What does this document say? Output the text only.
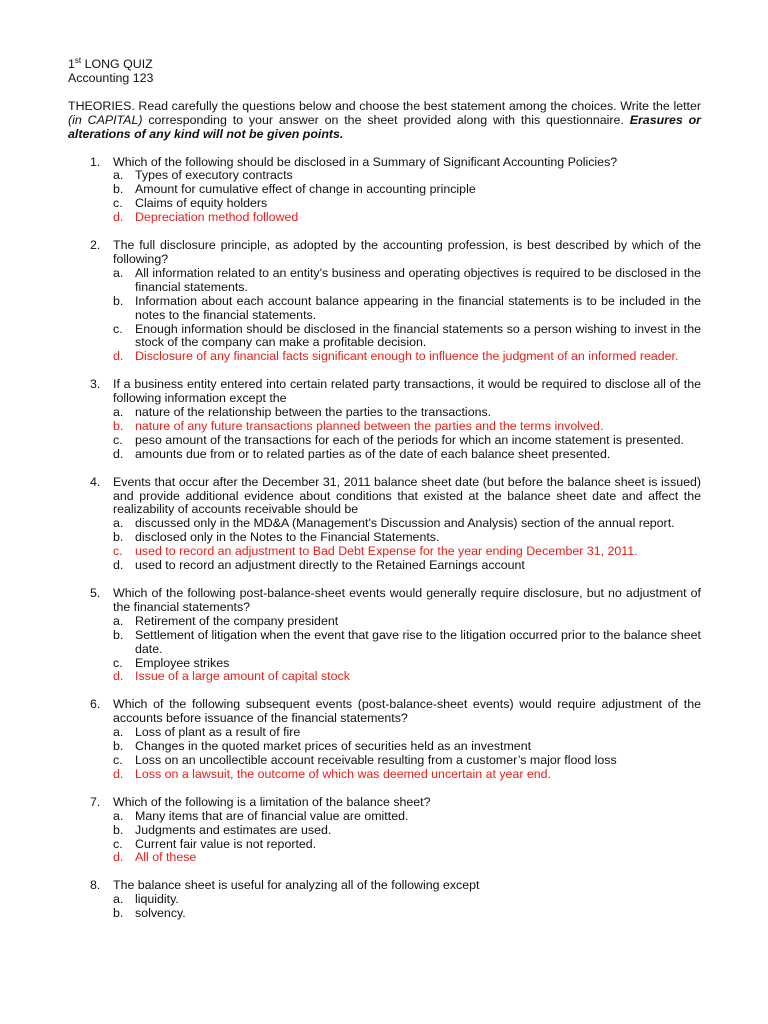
1st LONG QUIZ
Accounting 123

THEORIES. Read carefully the questions below and choose the best statement among the choices. Write the letter (in CAPITAL) corresponding to your answer on the sheet provided along with this questionnaire. Erasures or alterations of any kind will not be given points.

1. Which of the following should be disclosed in a Summary of Significant Accounting Policies?
a. Types of executory contracts
b. Amount for cumulative effect of change in accounting principle
c. Claims of equity holders
d. Depreciation method followed
2. The full disclosure principle, as adopted by the accounting profession, is best described by which of the following?
a. All information related to an entity's business and operating objectives is required to be disclosed in the financial statements.
b. Information about each account balance appearing in the financial statements is to be included in the notes to the financial statements.
c. Enough information should be disclosed in the financial statements so a person wishing to invest in the stock of the company can make a profitable decision.
d. Disclosure of any financial facts significant enough to influence the judgment of an informed reader.
3. If a business entity entered into certain related party transactions, it would be required to disclose all of the following information except the
a. nature of the relationship between the parties to the transactions.
b. nature of any future transactions planned between the parties and the terms involved.
c. peso amount of the transactions for each of the periods for which an income statement is presented.
d. amounts due from or to related parties as of the date of each balance sheet presented.
4. Events that occur after the December 31, 2011 balance sheet date (but before the balance sheet is issued) and provide additional evidence about conditions that existed at the balance sheet date and affect the realizability of accounts receivable should be
a. discussed only in the MD&A (Management's Discussion and Analysis) section of the annual report.
b. disclosed only in the Notes to the Financial Statements.
c. used to record an adjustment to Bad Debt Expense for the year ending December 31, 2011.
d. used to record an adjustment directly to the Retained Earnings account
5. Which of the following post-balance-sheet events would generally require disclosure, but no adjustment of the financial statements?
a. Retirement of the company president
b. Settlement of litigation when the event that gave rise to the litigation occurred prior to the balance sheet date.
c. Employee strikes
d. Issue of a large amount of capital stock
6. Which of the following subsequent events (post-balance-sheet events) would require adjustment of the accounts before issuance of the financial statements?
a. Loss of plant as a result of fire
b. Changes in the quoted market prices of securities held as an investment
c. Loss on an uncollectible account receivable resulting from a customer’s major flood loss
d. Loss on a lawsuit, the outcome of which was deemed uncertain at year end.
7. Which of the following is a limitation of the balance sheet?
a. Many items that are of financial value are omitted.
b. Judgments and estimates are used.
c. Current fair value is not reported.
d. All of these
8. The balance sheet is useful for analyzing all of the following except
a. liquidity.
b. solvency.
